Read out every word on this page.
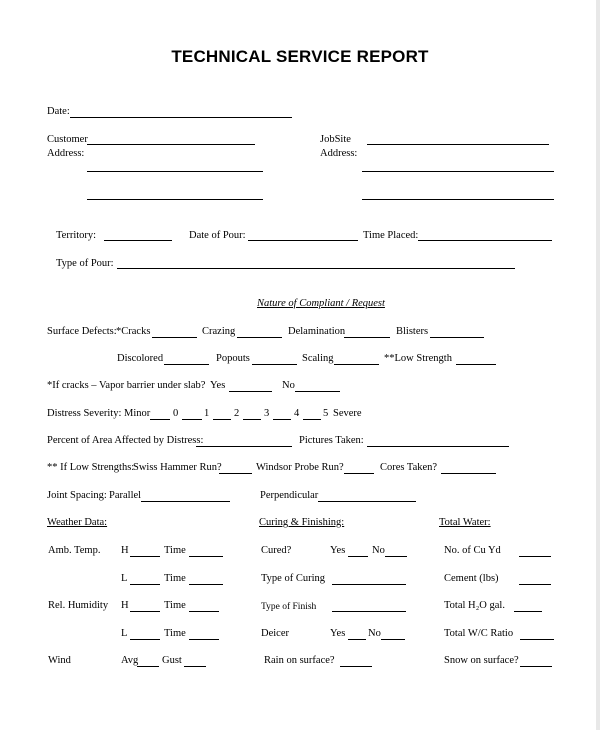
TECHNICAL SERVICE REPORT
Date:
Customer
Address:
JobSite
Address:
Territory:	Date of Pour:	Time Placed:
Type of Pour:
Nature of Compliant / Request
Surface Defects: *Cracks	Crazing	Delamination	Blisters
Discolored	Popouts	Scaling	**Low Strength
*If cracks – Vapor barrier under slab? Yes	No
Distress Severity: Minor 0 1 2 3 4 5 Severe
Percent of Area Affected by Distress:	Pictures Taken:
** If Low Strengths:
Swiss Hammer Run?	Windsor Probe Run?	Cores Taken?
Joint Spacing: Parallel	Perpendicular
Weather Data:	Curing & Finishing:	Total Water:
Amb. Temp. H	Time	Cured?	Yes	No	No. of Cu Yd
L	Time	Type of Curing	Cement (lbs)
Rel. Humidity H	Time	Type of Finish	Total H₂O gal.
L	Time	Deicer	Yes No	Total W/C Ratio
Wind	Avg Gust	Rain on surface?	Snow on surface?
